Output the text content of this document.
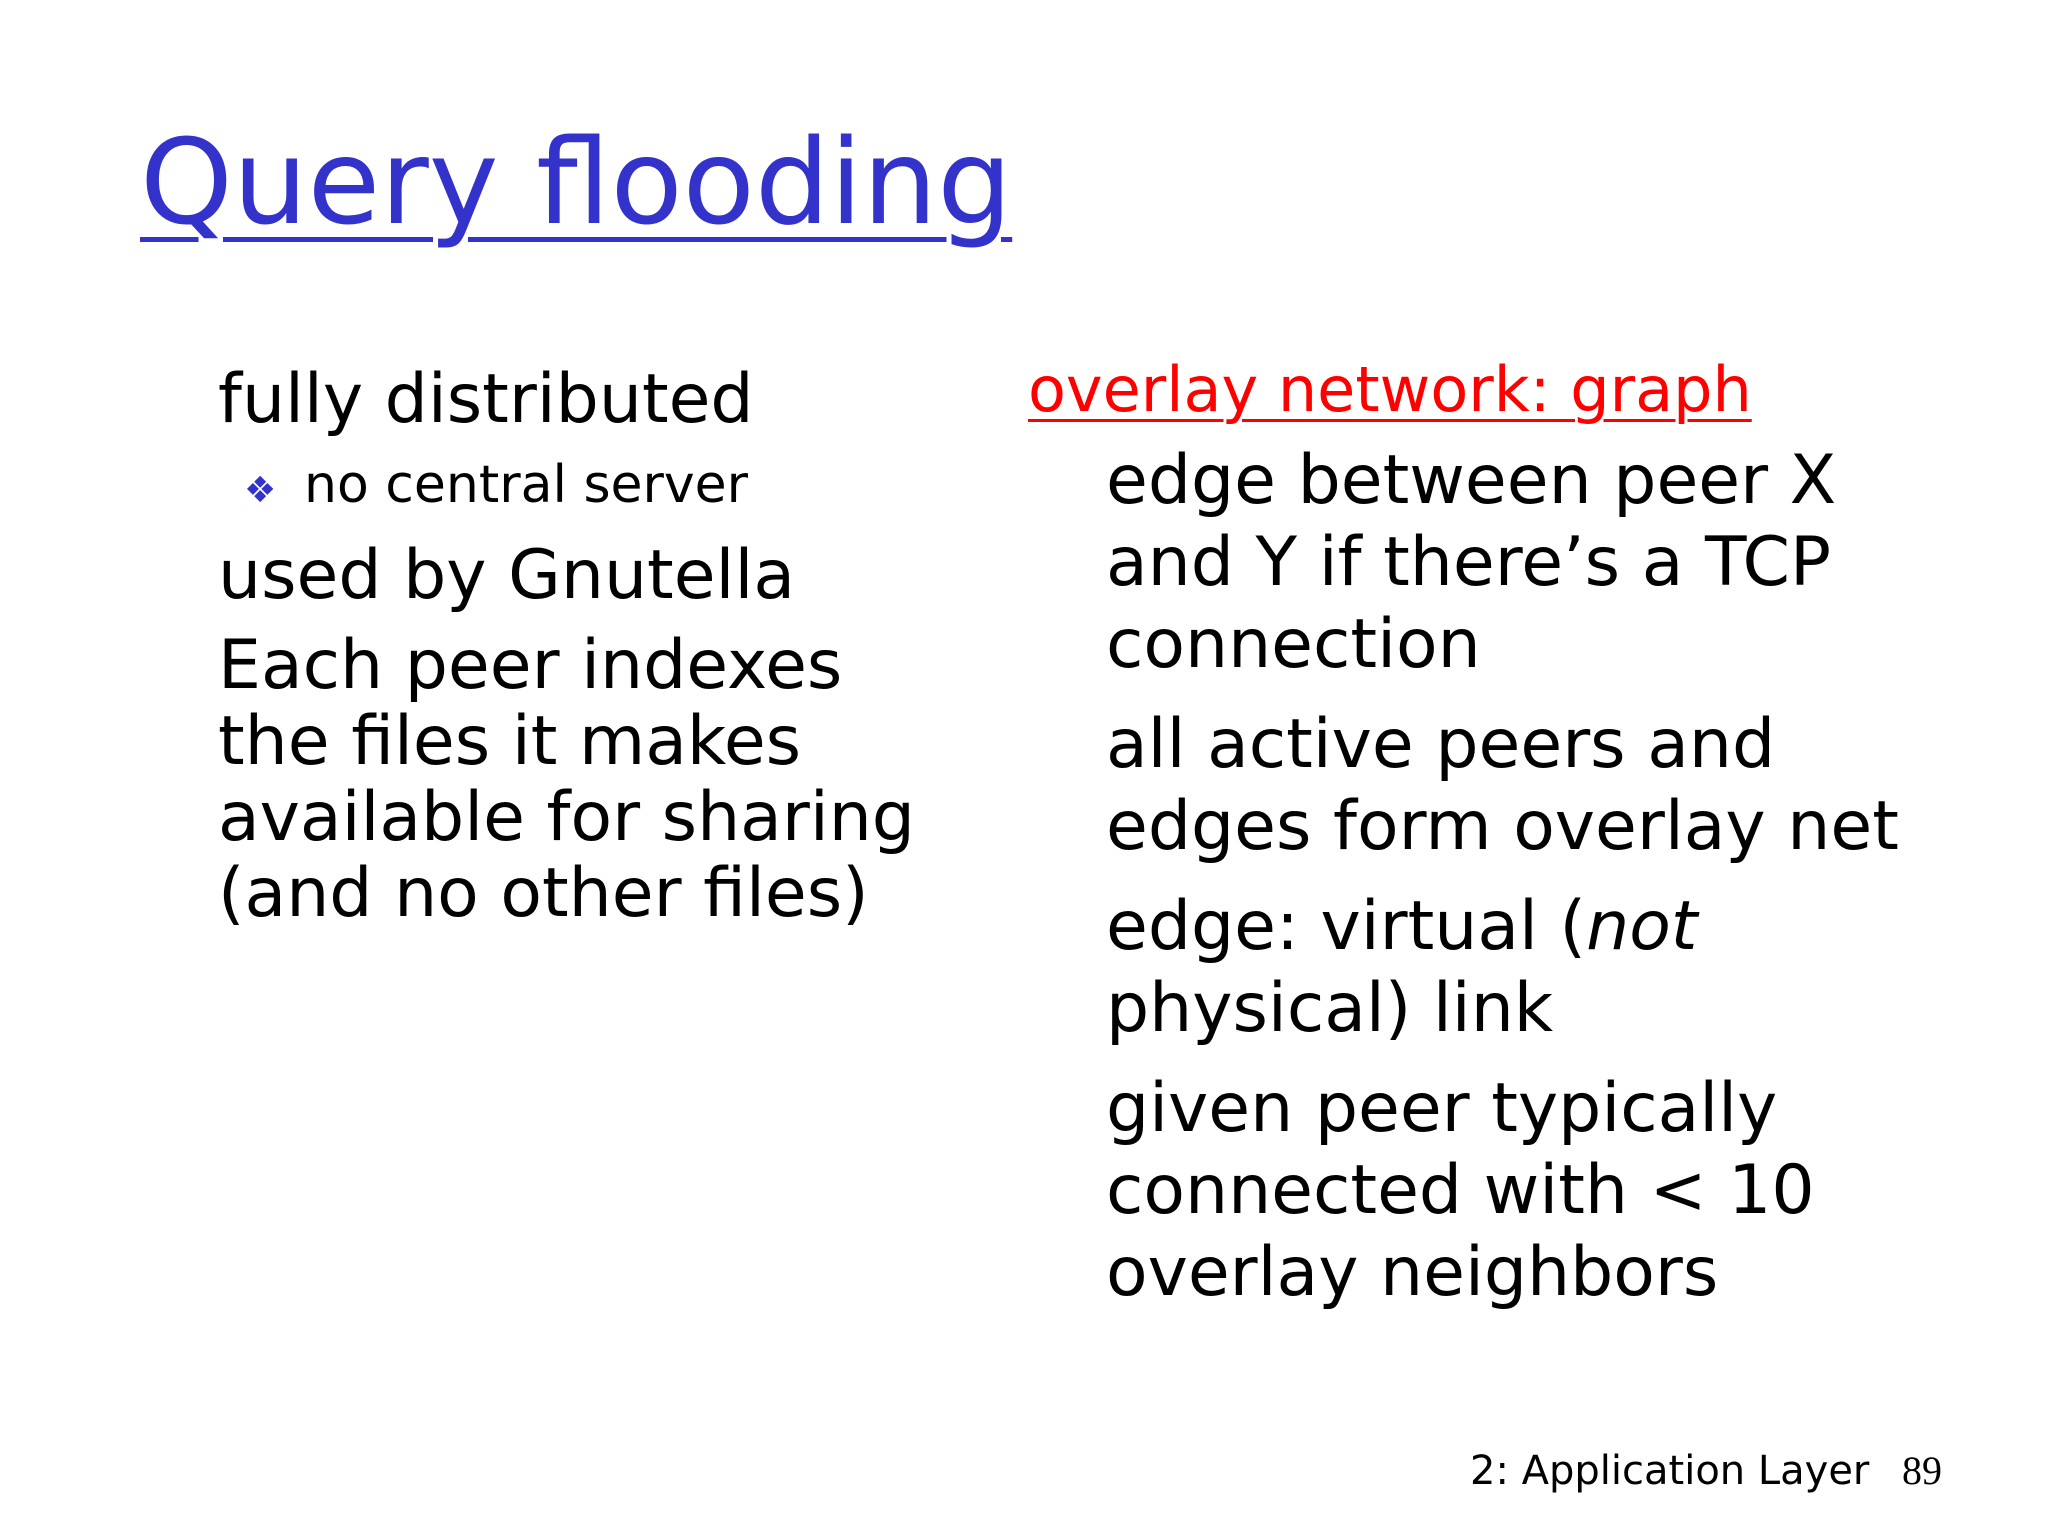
Query flooding

fully distributed

❖ no central server

used by Gnutella

Each peer indexes the files it makes available for sharing (and no other files)

overlay network: graph

edge between peer X and Y if there’s a TCP connection

all active peers and edges form overlay net

edge: virtual (not physical) link

given peer typically connected with < 10 overlay neighbors

2: Application Layer 89
